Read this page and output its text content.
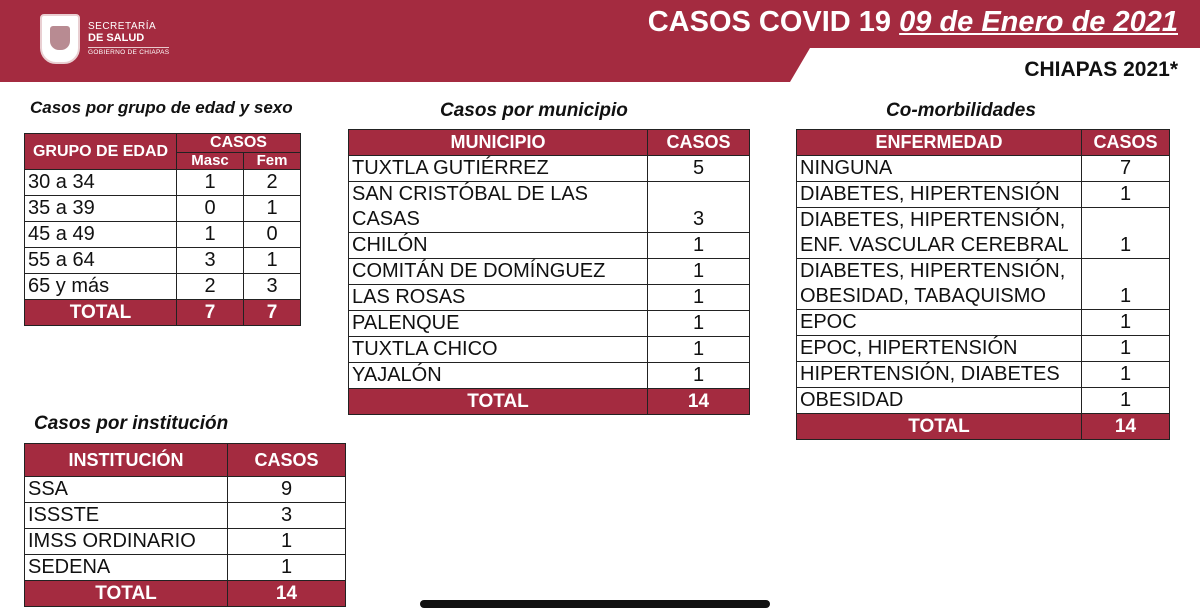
SECRETARÍA
DE SALUD
GOBIERNO DE CHIAPAS
CASOS COVID 19 09 de Enero de 2021
CHIAPAS 2021*
Casos por grupo de edad y sexo
GRUPO DE EDAD	CASOS	
	Masc	Fem
30 a 34	1	2
35 a 39	0	1
45 a 49	1	0
55 a 64	3	1
65 y más	2	3
TOTAL	7	7
Casos por municipio
MUNICIPIO	CASOS
TUXTLA GUTIÉRREZ	5
SAN CRISTÓBAL DE LAS CASAS	3
CHILÓN	1
COMITÁN DE DOMÍNGUEZ	1
LAS ROSAS	1
PALENQUE	1
TUXTLA CHICO	1
YAJALÓN	1
TOTAL	14
Co-morbilidades
ENFERMEDAD	CASOS
NINGUNA	7
DIABETES, HIPERTENSIÓN	1
DIABETES, HIPERTENSIÓN, ENF. VASCULAR CEREBRAL	1
DIABETES, HIPERTENSIÓN, OBESIDAD, TABAQUISMO	1
EPOC	1
EPOC, HIPERTENSIÓN	1
HIPERTENSIÓN, DIABETES	1
OBESIDAD	1
TOTAL	14
Casos por institución
INSTITUCIÓN	CASOS
SSA	9
ISSSTE	3
IMSS ORDINARIO	1
SEDENA	1
TOTAL	14
